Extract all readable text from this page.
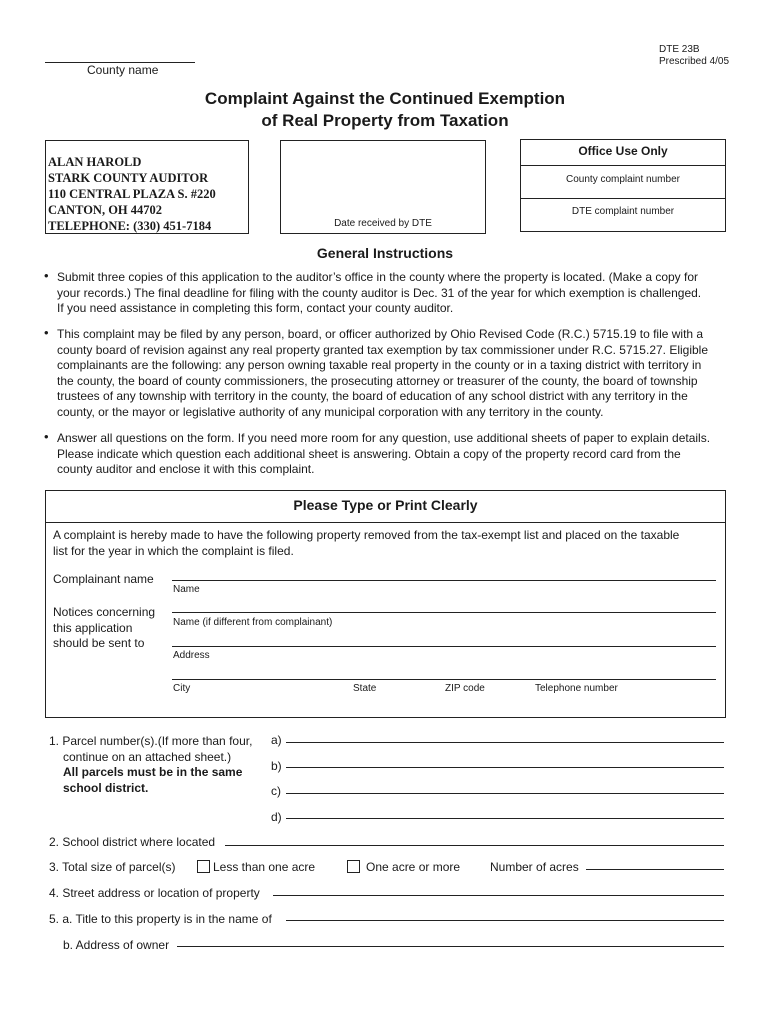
DTE 23B
Prescribed 4/05
County name
Complaint Against the Continued Exemption
of Real Property from Taxation
ALAN HAROLD
STARK COUNTY AUDITOR
110 CENTRAL PLAZA S. #220
CANTON, OH 44702
TELEPHONE: (330) 451-7184	Date received by DTE
Office Use Only
County complaint number
DTE complaint number
General Instructions
• Submit three copies of this application to the auditor’s office in the county where the property is located. (Make a copy for
your records.) The final deadline for filing with the county auditor is Dec. 31 of the year for which exemption is challenged.
If you need assistance in completing this form, contact your county auditor.
• This complaint may be filed by any person, board, or officer authorized by Ohio Revised Code (R.C.) 5715.19 to file with a
county board of revision against any real property granted tax exemption by tax commissioner under R.C. 5715.27. Eligible
complainants are the following: any person owning taxable real property in the county or in a taxing district with territory in
the county, the board of county commissioners, the prosecuting attorney or treasurer of the county, the board of township
trustees of any township with territory in the county, the board of education of any school district with any territory in the
county, or the mayor or legislative authority of any municipal corporation with any territory in the county.
• Answer all questions on the form. If you need more room for any question, use additional sheets of paper to explain details.
Please indicate which question each additional sheet is answering. Obtain a copy of the property record card from the
county auditor and enclose it with this complaint.
Please Type or Print Clearly
A complaint is hereby made to have the following property removed from the tax-exempt list and placed on the taxable
list for the year in which the complaint is filed.
Complainant name
Name
Notices concerning
this application
should be sent to
Name (if different from complainant)
Address
City	State	ZIP code	Telephone number
1. Parcel number(s).(If more than four,
continue on an attached sheet.)
All parcels must be in the same
school district.
a)
b)
c)
d)
2. School district where located
3. Total size of parcel(s)	Less than one acre	One acre or more Number of acres
4. Street address or location of property
5. a. Title to this property is in the name of
b. Address of owner
